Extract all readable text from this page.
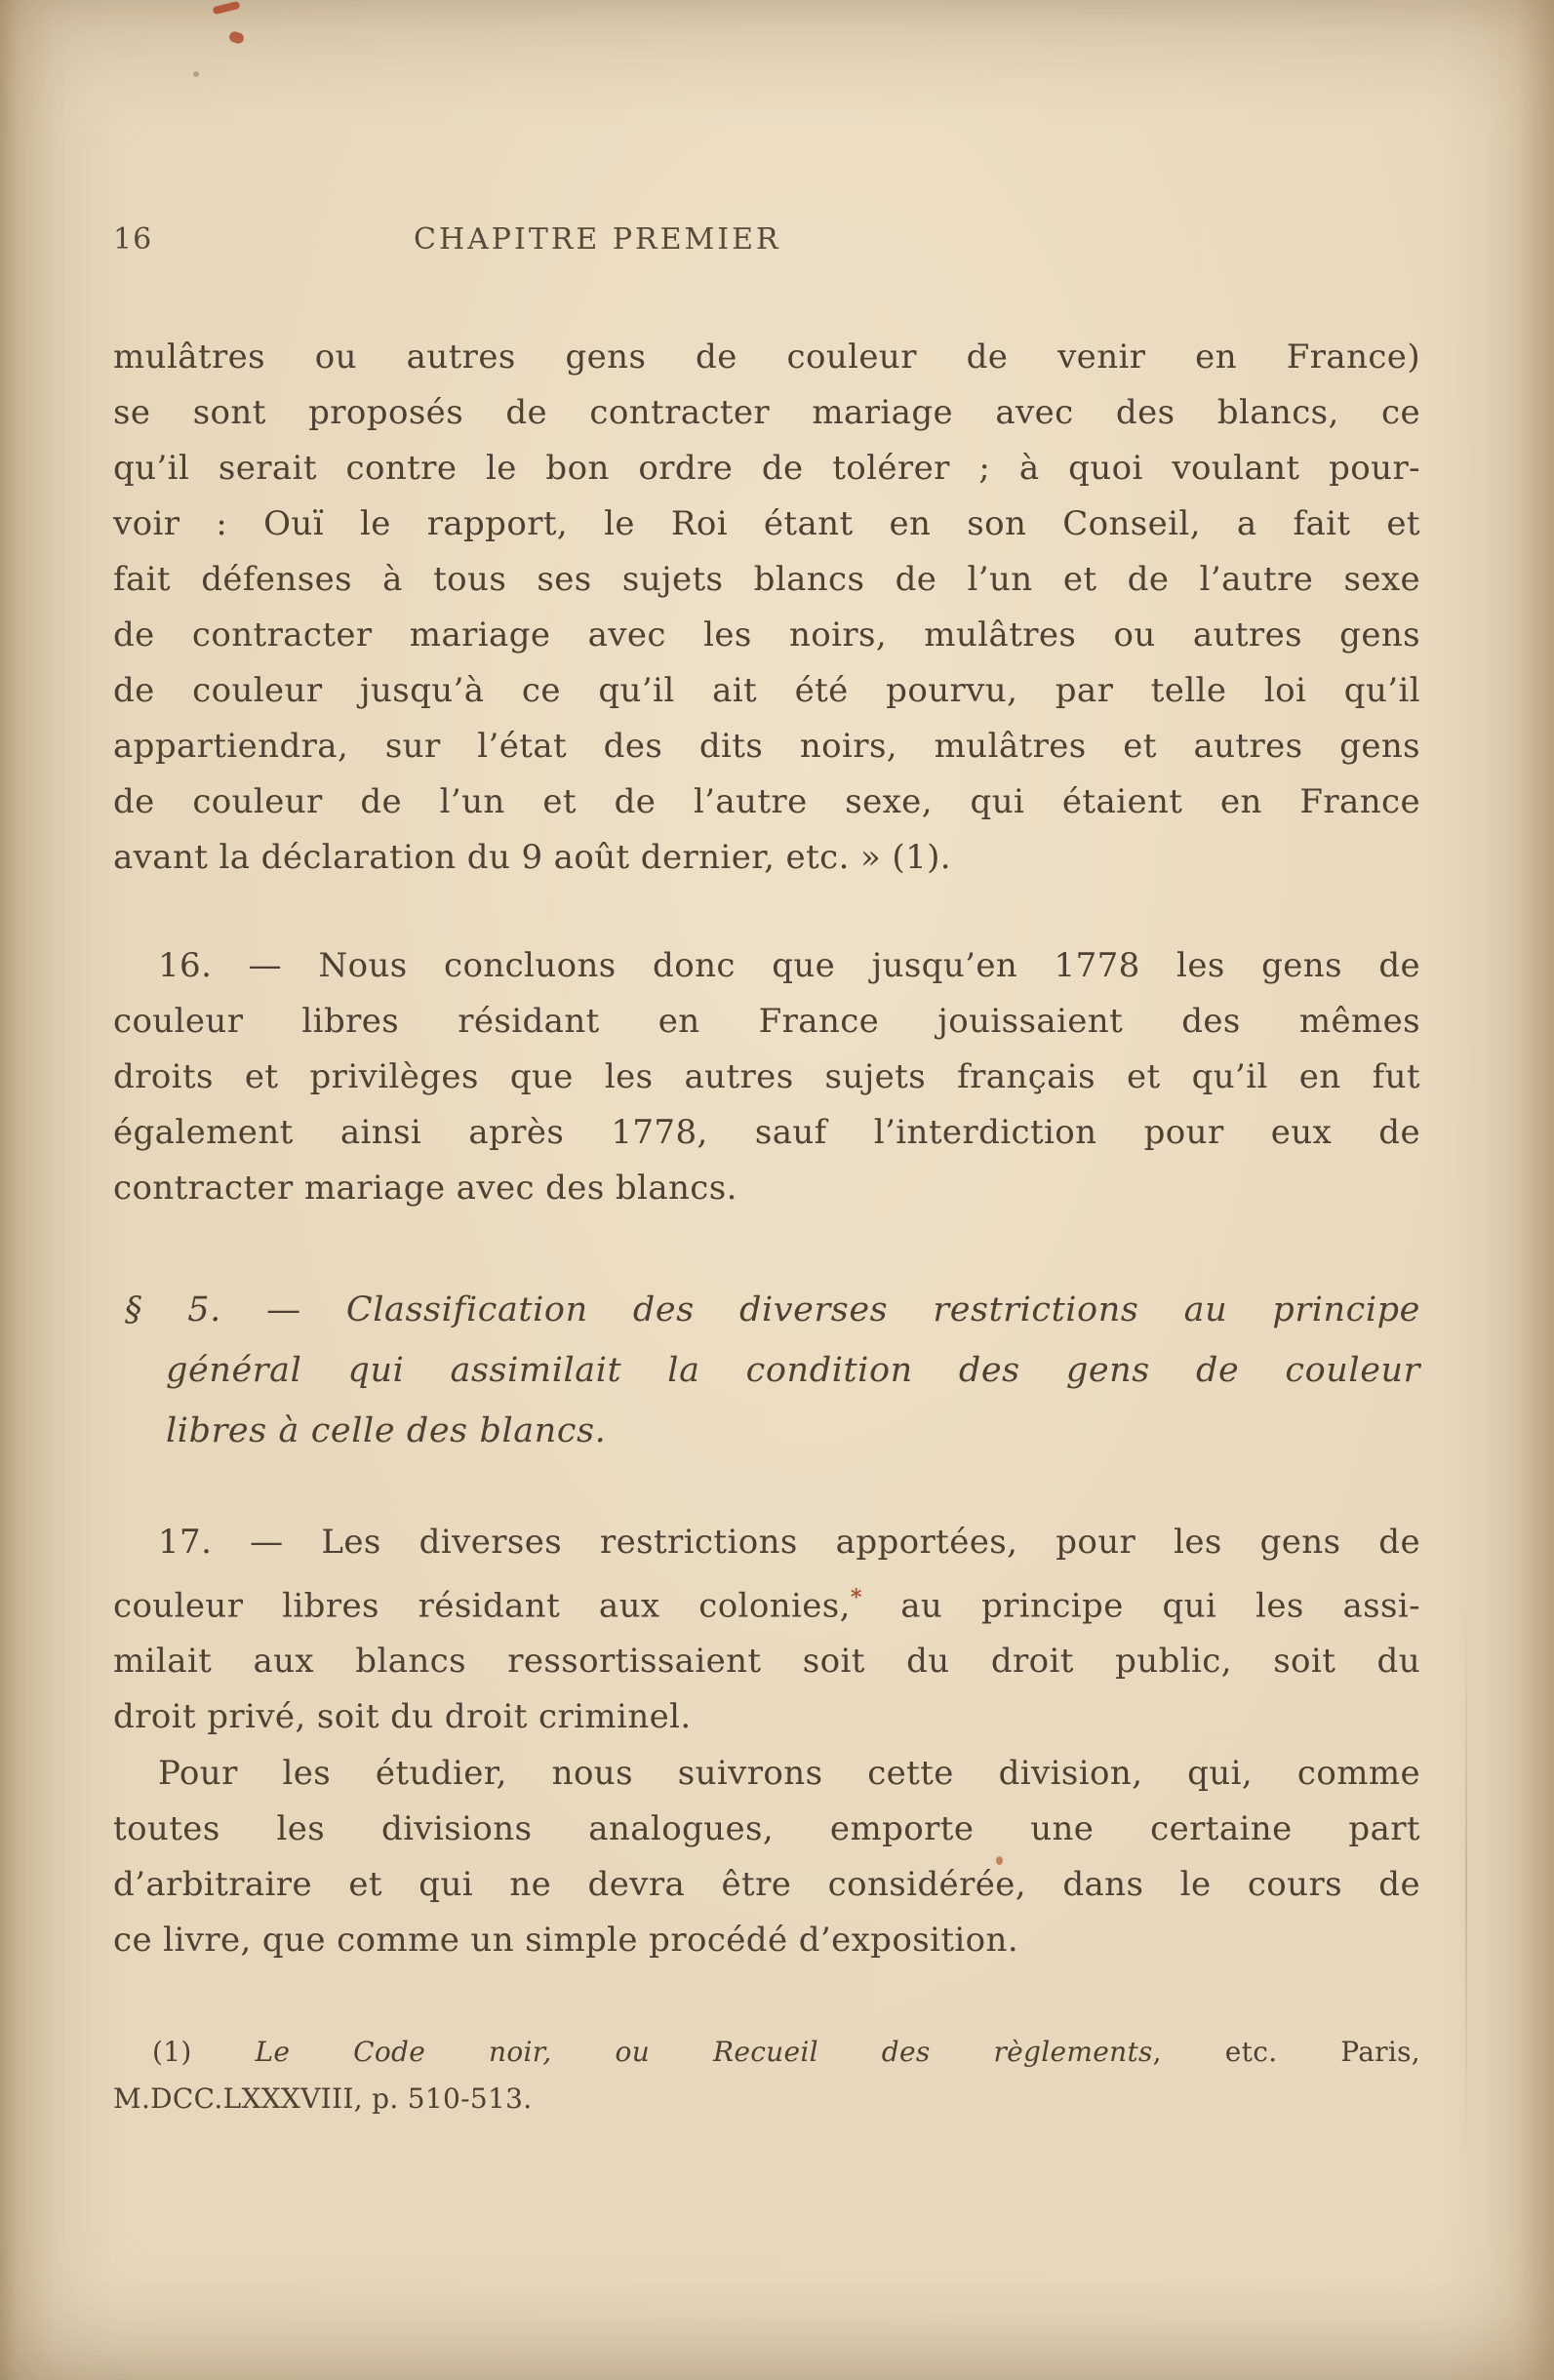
16	CHAPITRE PREMIER
mulâtres ou autres gens de couleur de venir en France)
se sont proposés de contracter mariage avec des blancs, ce
qu’il serait contre le bon ordre de tolérer ; à quoi voulant pour-
voir : Ouï le rapport, le Roi étant en son Conseil, a fait et
fait défenses à tous ses sujets blancs de l’un et de l’autre sexe
de contracter mariage avec les noirs, mulâtres ou autres gens
de couleur jusqu’à ce qu’il ait été pourvu, par telle loi qu’il
appartiendra, sur l’état des dits noirs, mulâtres et autres gens
de couleur de l’un et de l’autre sexe, qui étaient en France
avant la déclaration du 9 août dernier, etc. » (1).
16. — Nous concluons donc que jusqu’en 1778 les gens de
couleur libres résidant en France jouissaient des mêmes
droits et privilèges que les autres sujets français et qu’il en fut
également ainsi après 1778, sauf l’interdiction pour eux de
contracter mariage avec des blancs.
§ 5. — Classification des diverses restrictions au principe
général qui assimilait la condition des gens de couleur
libres à celle des blancs.
17. — Les diverses restrictions apportées, pour les gens de
couleur libres résidant aux colonies,* au principe qui les assi-
milait aux blancs ressortissaient soit du droit public, soit du
droit privé, soit du droit criminel.
Pour les étudier, nous suivrons cette division, qui, comme
toutes les divisions analogues, emporte une certaine part
d’arbitraire et qui ne devra être considérée, dans le cours de
ce livre, que comme un simple procédé d’exposition.
(1) Le Code noir, ou Recueil des règlements, etc. Paris,
M.DCC.LXXXVIII, p. 510-513.
